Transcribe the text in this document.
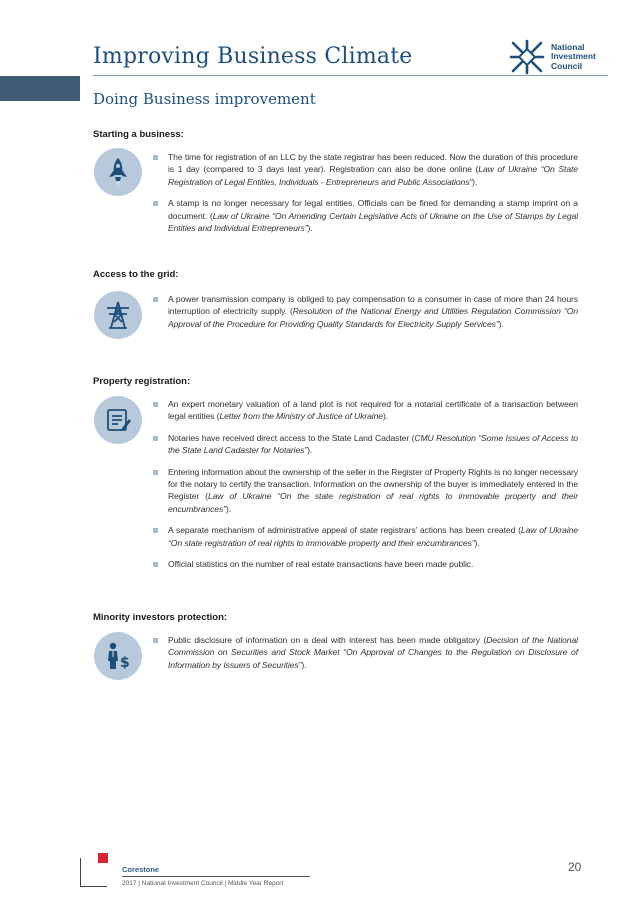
Improving Business Climate
Doing Business improvement
National
Investment
Council
Starting a business:
The time for registration of an LLC by the state registrar has been reduced. Now the duration of this procedure is 1 day (compared to 3 days last year). Registration can also be done online (Law of Ukraine “On State Registration of Legal Entities, Individuals - Entrepreneurs and Public Associations”).
A stamp is no longer necessary for legal entities. Officials can be fined for demanding a stamp imprint on a document. (Law of Ukraine “On Amending Certain Legislative Acts of Ukraine on the Use of Stamps by Legal Entities and Individual Entrepreneurs”).
Access to the grid:
A power transmission company is obliged to pay compensation to a consumer in case of more than 24 hours interruption of electricity supply. (Resolution of the National Energy and Utilities Regulation Commission “On Approval of the Procedure for Providing Quality Standards for Electricity Supply Services”).
Property registration:
An expert monetary valuation of a land plot is not required for a notarial certificate of a transaction between legal entities (Letter from the Ministry of Justice of Ukraine).
Notaries have received direct access to the State Land Cadaster (CMU Resolution “Some Issues of Access to the State Land Cadaster for Notaries”).
Entering information about the ownership of the seller in the Register of Property Rights is no longer necessary for the notary to certify the transaction. Information on the ownership of the buyer is immediately entered in the Register (Law of Ukraine “On the state registration of real rights to immovable property and their encumbrances”).
A separate mechanism of administrative appeal of state registrars’ actions has been created (Law of Ukraine “On state registration of real rights to immovable property and their encumbrances”).
Official statistics on the number of real estate transactions have been made public.
Minority investors protection:
$
Public disclosure of information on a deal with interest has been made obligatory (Decision of the National Commission on Securities and Stock Market “On Approval of Changes to the Regulation on Disclosure of Information by Issuers of Securities”).
Corestone
2017 | National Investment Council | Middle Year Report
20
